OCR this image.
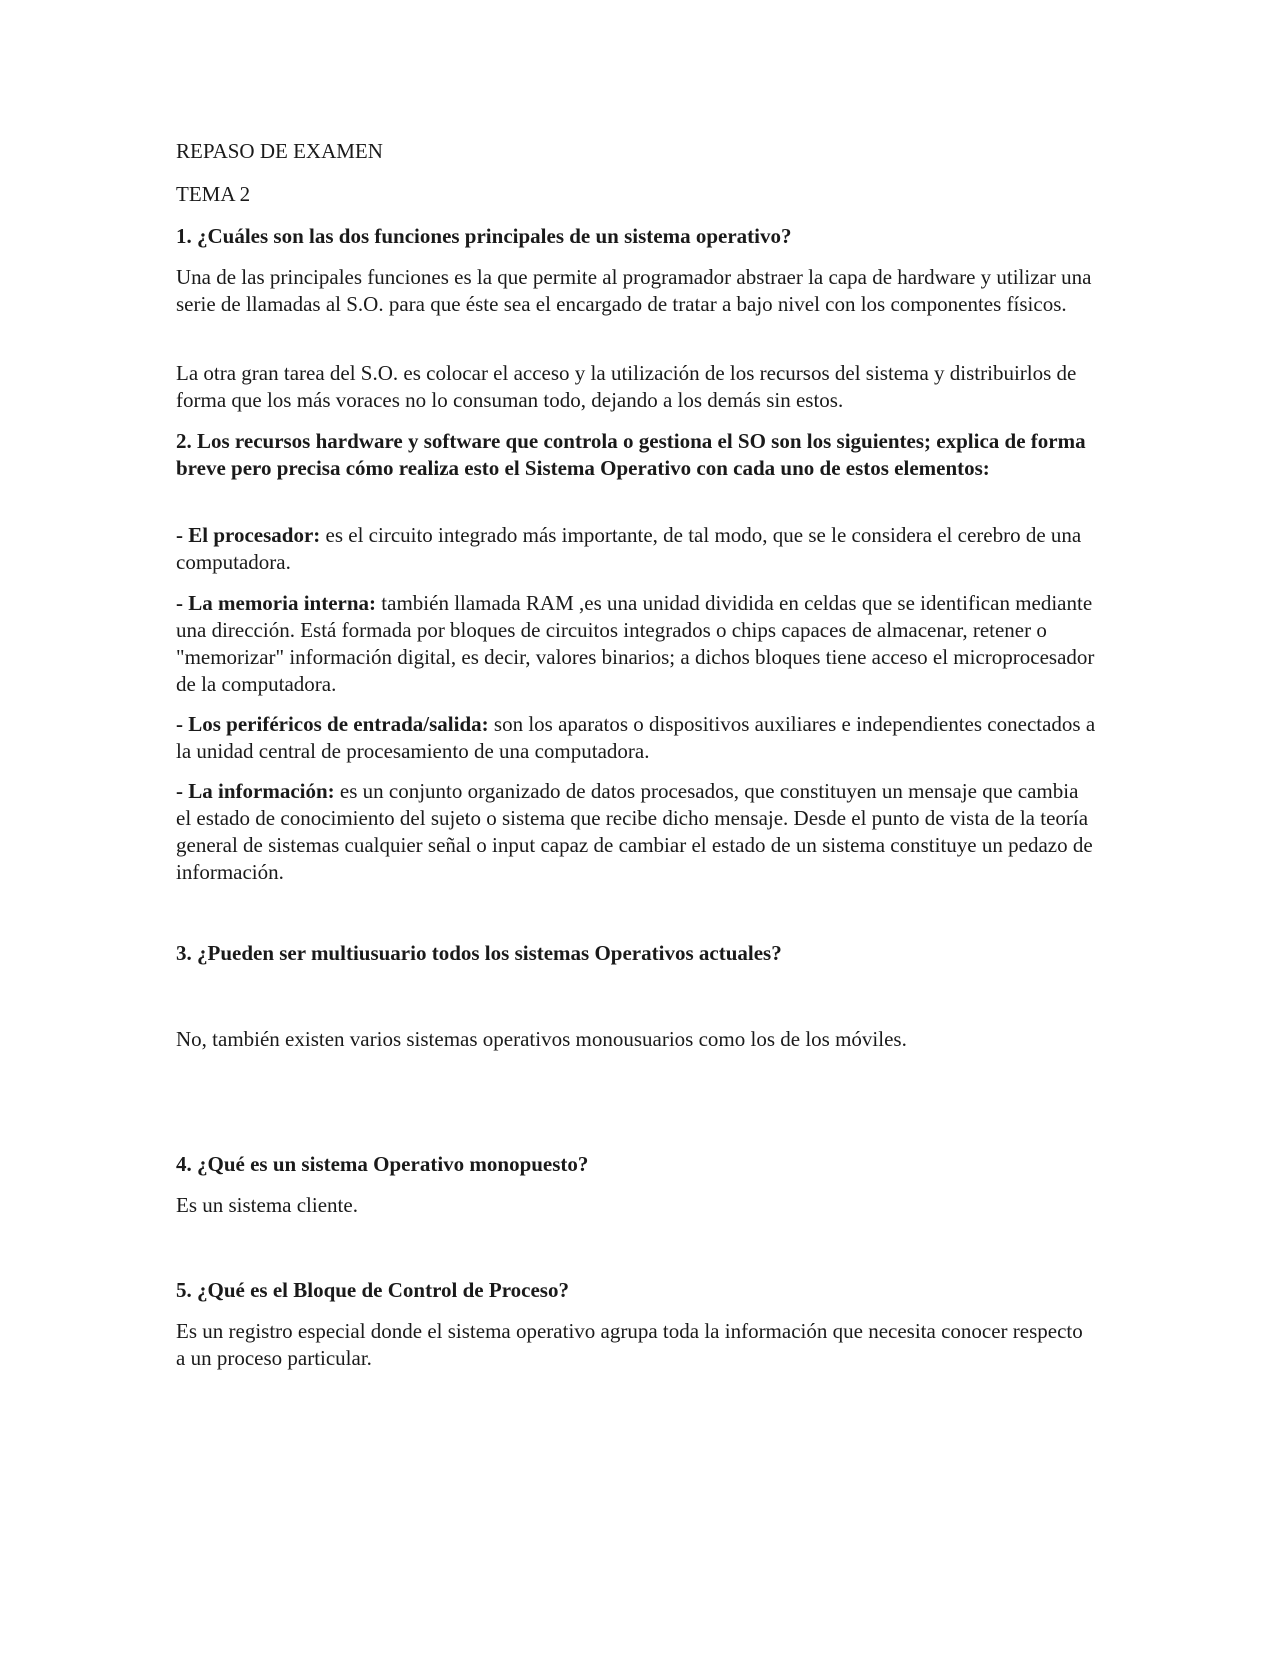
REPASO DE EXAMEN

TEMA 2

1. ¿Cuáles son las dos funciones principales de un sistema operativo?

Una de las principales funciones es la que permite al programador abstraer la capa de hardware y utilizar una serie de llamadas al S.O. para que éste sea el encargado de tratar a bajo nivel con los componentes físicos.

La otra gran tarea del S.O. es colocar el acceso y la utilización de los recursos del sistema y distribuirlos de forma que los más voraces no lo consuman todo, dejando a los demás sin estos.

2. Los recursos hardware y software que controla o gestiona el SO son los siguientes; explica de forma breve pero precisa cómo realiza esto el Sistema Operativo con cada uno de estos elementos:

- El procesador: es el circuito integrado más importante, de tal modo, que se le considera el cerebro de una computadora.

- La memoria interna: también llamada RAM ,es una unidad dividida en celdas que se identifican mediante una dirección. Está formada por bloques de circuitos integrados o chips capaces de almacenar, retener o "memorizar" información digital, es decir, valores binarios; a dichos bloques tiene acceso el microprocesador de la computadora.

- Los periféricos de entrada/salida: son los aparatos o dispositivos auxiliares e independientes conectados a la unidad central de procesamiento de una computadora.

- La información: es un conjunto organizado de datos procesados, que constituyen un mensaje que cambia el estado de conocimiento del sujeto o sistema que recibe dicho mensaje. Desde el punto de vista de la teoría general de sistemas cualquier señal o input capaz de cambiar el estado de un sistema constituye un pedazo de información.

3. ¿Pueden ser multiusuario todos los sistemas Operativos actuales?

No, también existen varios sistemas operativos monousuarios como los de los móviles.

4. ¿Qué es un sistema Operativo monopuesto?

Es un sistema cliente.

5. ¿Qué es el Bloque de Control de Proceso?

Es un registro especial donde el sistema operativo agrupa toda la información que necesita conocer respecto a un proceso particular.
